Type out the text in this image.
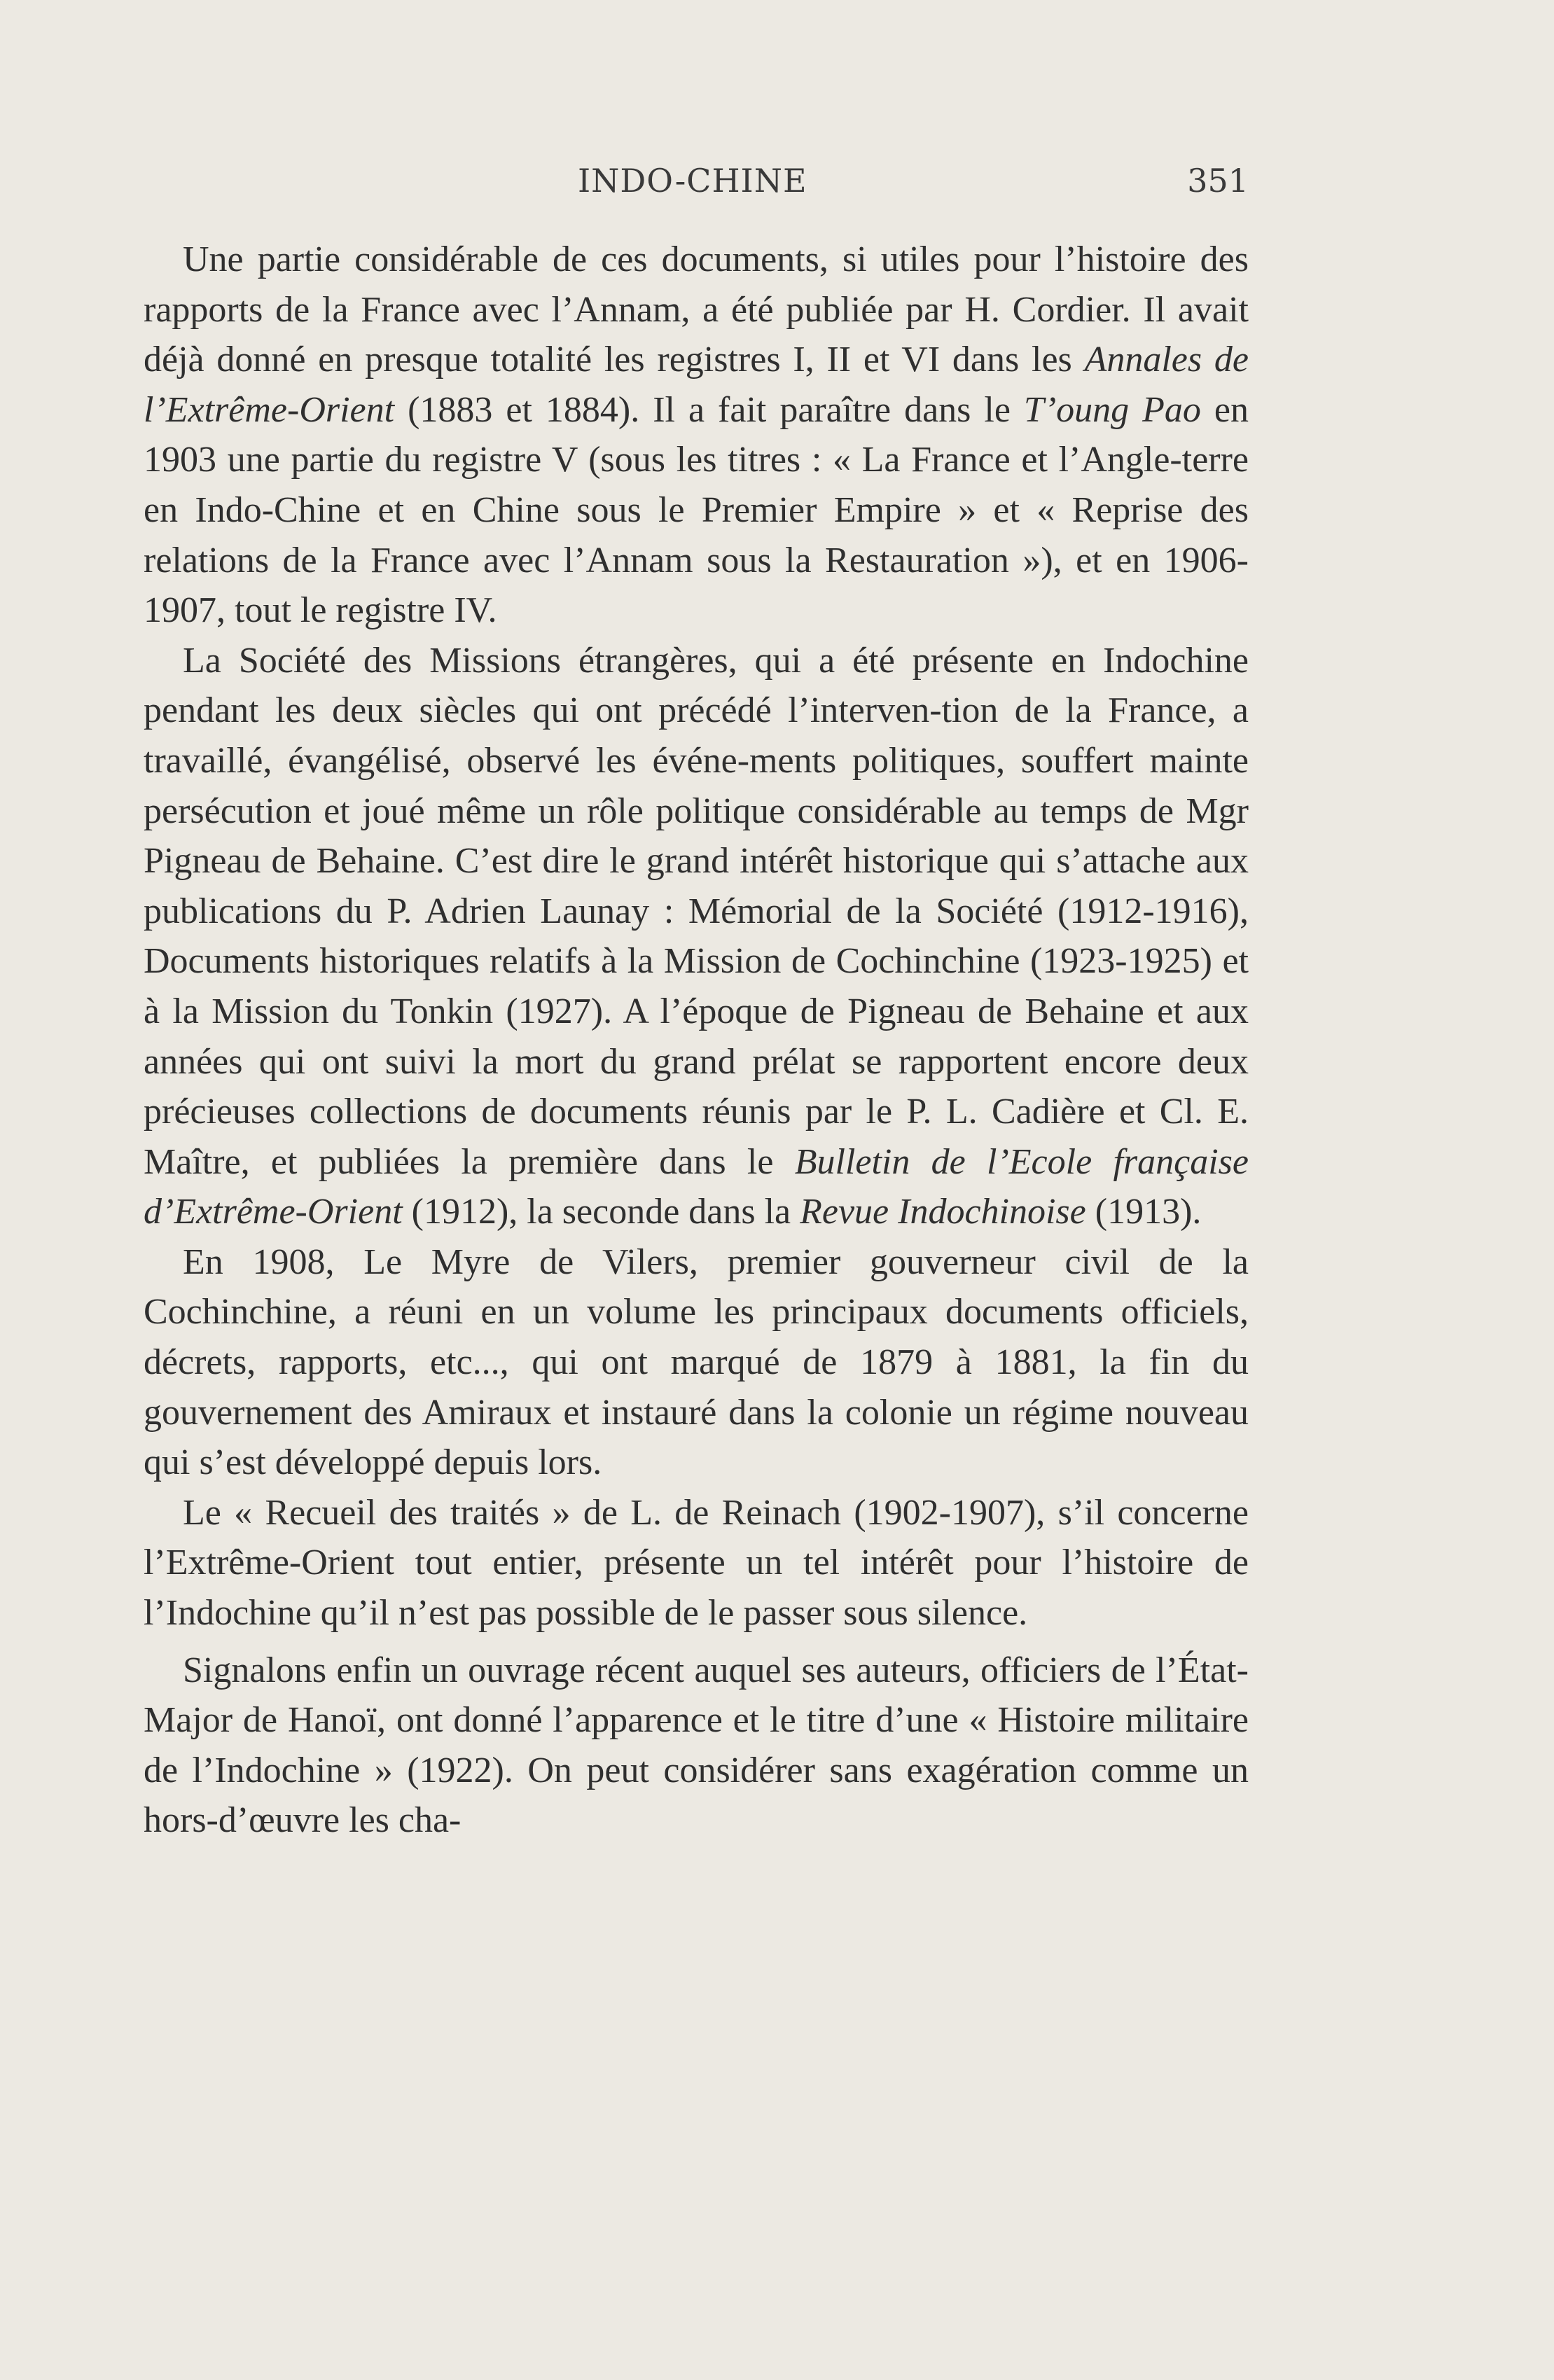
INDO-CHINE	351

Une partie considérable de ces documents, si utiles pour l’histoire des rapports de la France avec l’Annam, a été publiée par H. Cordier. Il avait déjà donné en presque totalité les registres I, II et VI dans les Annales de l’Extrême-Orient (1883 et 1884). Il a fait paraître dans le T’oung Pao en 1903 une partie du registre V (sous les titres : « La France et l’Angle-terre en Indo-Chine et en Chine sous le Premier Empire » et « Reprise des relations de la France avec l’Annam sous la Restauration »), et en 1906-1907, tout le registre IV.

La Société des Missions étrangères, qui a été présente en Indochine pendant les deux siècles qui ont précédé l’interven-tion de la France, a travaillé, évangélisé, observé les événe-ments politiques, souffert mainte persécution et joué même un rôle politique considérable au temps de Mgr Pigneau de Behaine. C’est dire le grand intérêt historique qui s’attache aux publications du P. Adrien Launay : Mémorial de la Société (1912-1916), Documents historiques relatifs à la Mission de Cochinchine (1923-1925) et à la Mission du Tonkin (1927). A l’époque de Pigneau de Behaine et aux années qui ont suivi la mort du grand prélat se rapportent encore deux précieuses collections de documents réunis par le P. L. Cadière et Cl. E. Maître, et publiées la première dans le Bulletin de l’Ecole française d’Extrême-Orient (1912), la seconde dans la Revue Indochinoise (1913).

En 1908, Le Myre de Vilers, premier gouverneur civil de la Cochinchine, a réuni en un volume les principaux documents officiels, décrets, rapports, etc..., qui ont marqué de 1879 à 1881, la fin du gouvernement des Amiraux et instauré dans la colonie un régime nouveau qui s’est développé depuis lors.

Le « Recueil des traités » de L. de Reinach (1902-1907), s’il concerne l’Extrême-Orient tout entier, présente un tel intérêt pour l’histoire de l’Indochine qu’il n’est pas possible de le passer sous silence.

Signalons enfin un ouvrage récent auquel ses auteurs, officiers de l’État-Major de Hanoï, ont donné l’apparence et le titre d’une « Histoire militaire de l’Indochine » (1922). On peut considérer sans exagération comme un hors-d’œuvre les cha-
